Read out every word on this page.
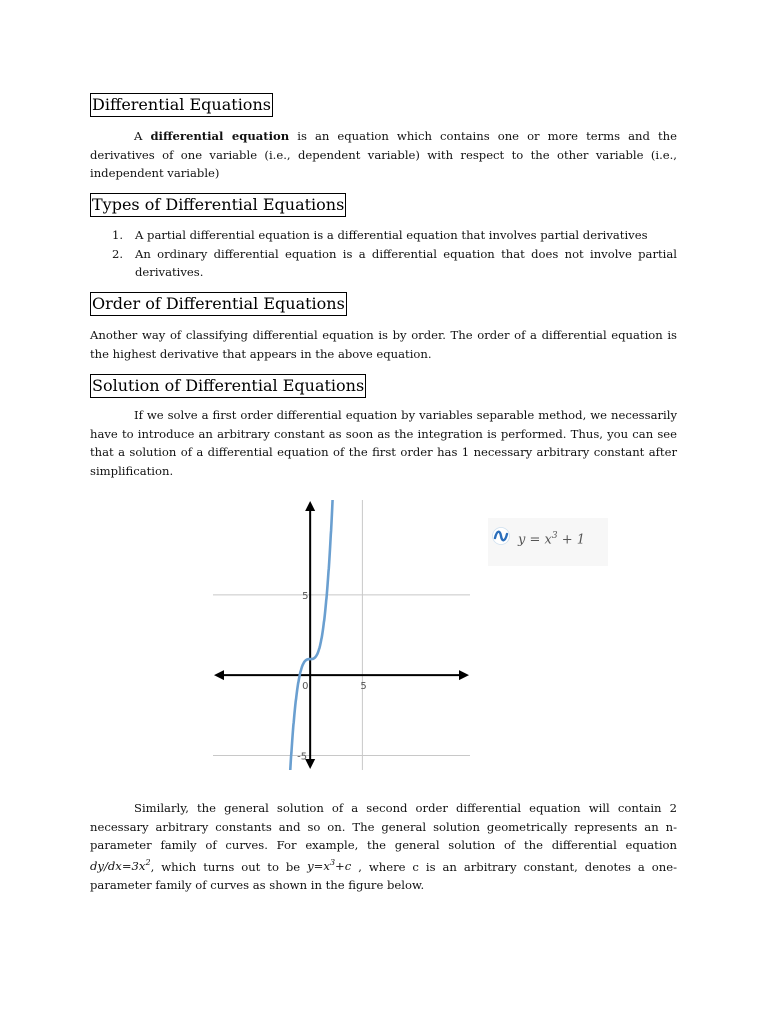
Differential Equations

A differential equation is an equation which contains one or more terms and the derivatives of one variable (i.e., dependent variable) with respect to the other variable (i.e., independent variable)

Types of Differential Equations
1. A partial differential equation is a differential equation that involves partial derivatives
2. An ordinary differential equation is a differential equation that does not involve partial derivatives.
Order of Differential Equations

Another way of classifying differential equation is by order. The order of a differential equation is the highest derivative that appears in the above equation.

Solution of Differential Equations

If we solve a first order differential equation by variables separable method, we necessarily have to introduce an arbitrary constant as soon as the integration is performed. Thus, you can see that a solution of a differential equation of the first order has 1 necessary arbitrary constant after simplification.

0	5
5
-5
$y = x^3 + 1$

Similarly, the general solution of a second order differential equation will contain 2 necessary arbitrary constants and so on. The general solution geometrically represents an n-parameter family of curves. For example, the general solution of the differential equation $dy/dx=3x^2$, which turns out to be $y=x^3+c$ , where c is an arbitrary constant, denotes a one-parameter family of curves as shown in the figure below.
